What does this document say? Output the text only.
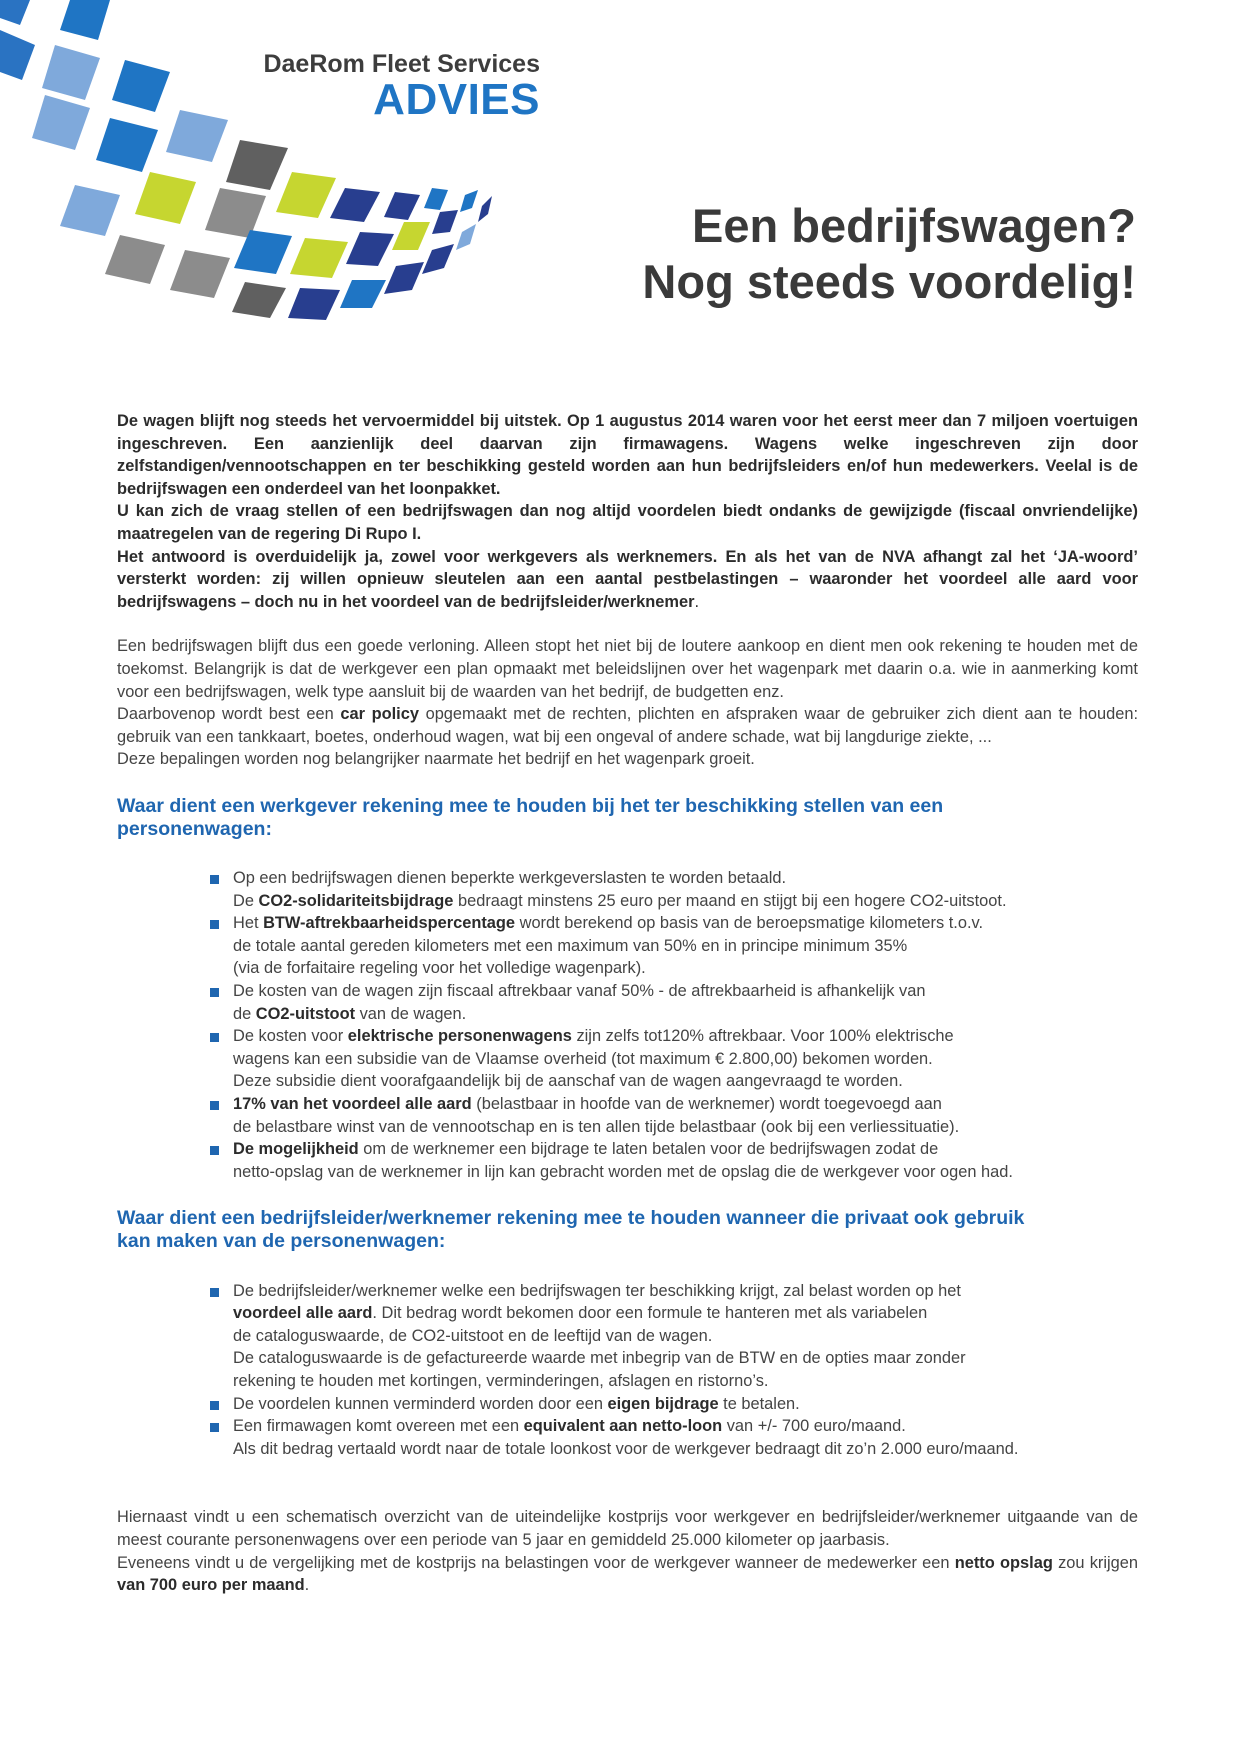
DaeRom Fleet Services
ADVIES
Een bedrijfswagen?
Nog steeds voordelig!

De wagen blijft nog steeds het vervoermiddel bij uitstek. Op 1 augustus 2014 waren voor het eerst meer dan 7 miljoen voertuigen ingeschreven. Een aanzienlijk deel daarvan zijn firmawagens. Wagens welke ingeschreven zijn door zelfstandigen/vennootschappen en ter beschikking gesteld worden aan hun bedrijfsleiders en/of hun medewerkers. Veelal is de bedrijfswagen een onderdeel van het loonpakket.
U kan zich de vraag stellen of een bedrijfswagen dan nog altijd voordelen biedt ondanks de gewijzigde (fiscaal onvriendelijke) maatregelen van de regering Di Rupo I.
Het antwoord is overduidelijk ja, zowel voor werkgevers als werknemers. En als het van de NVA afhangt zal het ‘JA-woord’ versterkt worden: zij willen opnieuw sleutelen aan een aantal pestbelastingen – waaronder het voordeel alle aard voor bedrijfswagens – doch nu in het voordeel van de bedrijfsleider/werknemer.

Een bedrijfswagen blijft dus een goede verloning. Alleen stopt het niet bij de loutere aankoop en dient men ook rekening te houden met de toekomst. Belangrijk is dat de werkgever een plan opmaakt met beleidslijnen over het wagenpark met daarin o.a. wie in aanmerking komt voor een bedrijfswagen, welk type aansluit bij de waarden van het bedrijf, de budgetten enz.
Daarbovenop wordt best een car policy opgemaakt met de rechten, plichten en afspraken waar de gebruiker zich dient aan te houden: gebruik van een tankkaart, boetes, onderhoud wagen, wat bij een ongeval of andere schade, wat bij langdurige ziekte, ...
Deze bepalingen worden nog belangrijker naarmate het bedrijf en het wagenpark groeit.

Waar dient een werkgever rekening mee te houden bij het ter beschikking stellen van een
personenwagen:
Op een bedrijfswagen dienen beperkte werkgeverslasten te worden betaald.
De CO2-solidariteitsbijdrage bedraagt minstens 25 euro per maand en stijgt bij een hogere CO2-uitstoot.
Het BTW-aftrekbaarheidspercentage wordt berekend op basis van de beroepsmatige kilometers t.o.v.
de totale aantal gereden kilometers met een maximum van 50% en in principe minimum 35%
(via de forfaitaire regeling voor het volledige wagenpark).
De kosten van de wagen zijn fiscaal aftrekbaar vanaf 50% - de aftrekbaarheid is afhankelijk van
de CO2-uitstoot van de wagen.
De kosten voor elektrische personenwagens zijn zelfs tot120% aftrekbaar. Voor 100% elektrische
wagens kan een subsidie van de Vlaamse overheid (tot maximum € 2.800,00) bekomen worden.
Deze subsidie dient voorafgaandelijk bij de aanschaf van de wagen aangevraagd te worden.
17% van het voordeel alle aard (belastbaar in hoofde van de werknemer) wordt toegevoegd aan
de belastbare winst van de vennootschap en is ten allen tijde belastbaar (ook bij een verliessituatie).
De mogelijkheid om de werknemer een bijdrage te laten betalen voor de bedrijfswagen zodat de
netto-opslag van de werknemer in lijn kan gebracht worden met de opslag die de werkgever voor ogen had.
Waar dient een bedrijfsleider/werknemer rekening mee te houden wanneer die privaat ook gebruik
kan maken van de personenwagen:
De bedrijfsleider/werknemer welke een bedrijfswagen ter beschikking krijgt, zal belast worden op het
voordeel alle aard. Dit bedrag wordt bekomen door een formule te hanteren met als variabelen
de cataloguswaarde, de CO2-uitstoot en de leeftijd van de wagen.
De cataloguswaarde is de gefactureerde waarde met inbegrip van de BTW en de opties maar zonder
rekening te houden met kortingen, verminderingen, afslagen en ristorno’s.
De voordelen kunnen verminderd worden door een eigen bijdrage te betalen.
Een firmawagen komt overeen met een equivalent aan netto-loon van +/- 700 euro/maand.
Als dit bedrag vertaald wordt naar de totale loonkost voor de werkgever bedraagt dit zo’n 2.000 euro/maand.

Hiernaast vindt u een schematisch overzicht van de uiteindelijke kostprijs voor werkgever en bedrijfsleider/werknemer uitgaande van de meest courante personenwagens over een periode van 5 jaar en gemiddeld 25.000 kilometer op jaarbasis.
Eveneens vindt u de vergelijking met de kostprijs na belastingen voor de werkgever wanneer de medewerker een netto opslag zou krijgen van 700 euro per maand.
